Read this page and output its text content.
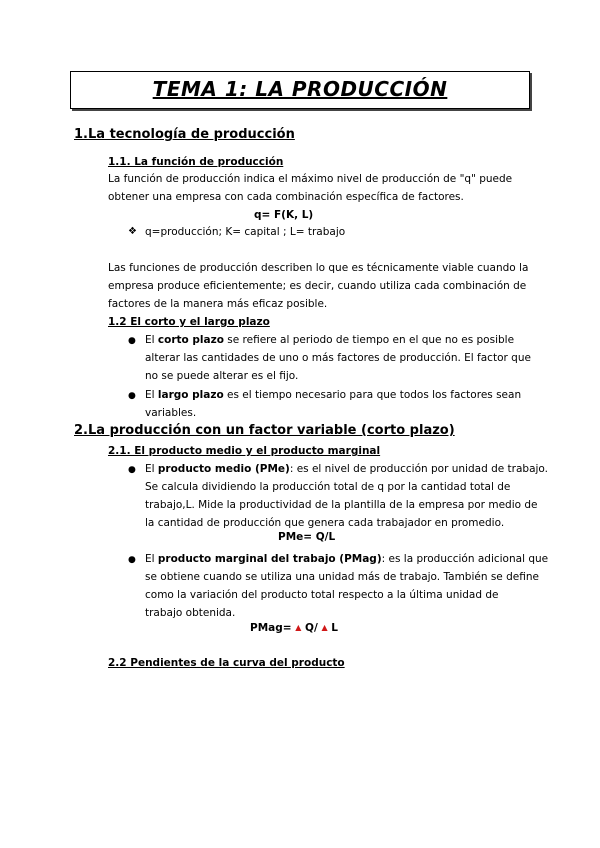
TEMA 1: LA PRODUCCIÓN
1.La tecnología de producción
1.1. La función de producción
La función de producción indica el máximo nivel de producción de "q" puede
obtener una empresa con cada combinación específica de factores.
q= F(K, L)
❖ q=producción; K= capital ; L= trabajo
Las funciones de producción describen lo que es técnicamente viable cuando la
empresa produce eficientemente; es decir, cuando utiliza cada combinación de
factores de la manera más eficaz posible.
1.2 El corto y el largo plazo
● El corto plazo se refiere al periodo de tiempo en el que no es posible
alterar las cantidades de uno o más factores de producción. El factor que
no se puede alterar es el fijo.
● El largo plazo es el tiempo necesario para que todos los factores sean
variables.
2.La producción con un factor variable (corto plazo)
2.1. El producto medio y el producto marginal
● El producto medio (PMe): es el nivel de producción por unidad de trabajo.
Se calcula dividiendo la producción total de q por la cantidad total de
trabajo,L. Mide la productividad de la plantilla de la empresa por medio de
la cantidad de producción que genera cada trabajador en promedio.
PMe= Q/L
● El producto marginal del trabajo (PMag): es la producción adicional que
se obtiene cuando se utiliza una unidad más de trabajo. También se define
como la variación del producto total respecto a la última unidad de
trabajo obtenida.
PMag= ▲ Q/ ▲ L
2.2 Pendientes de la curva del producto
